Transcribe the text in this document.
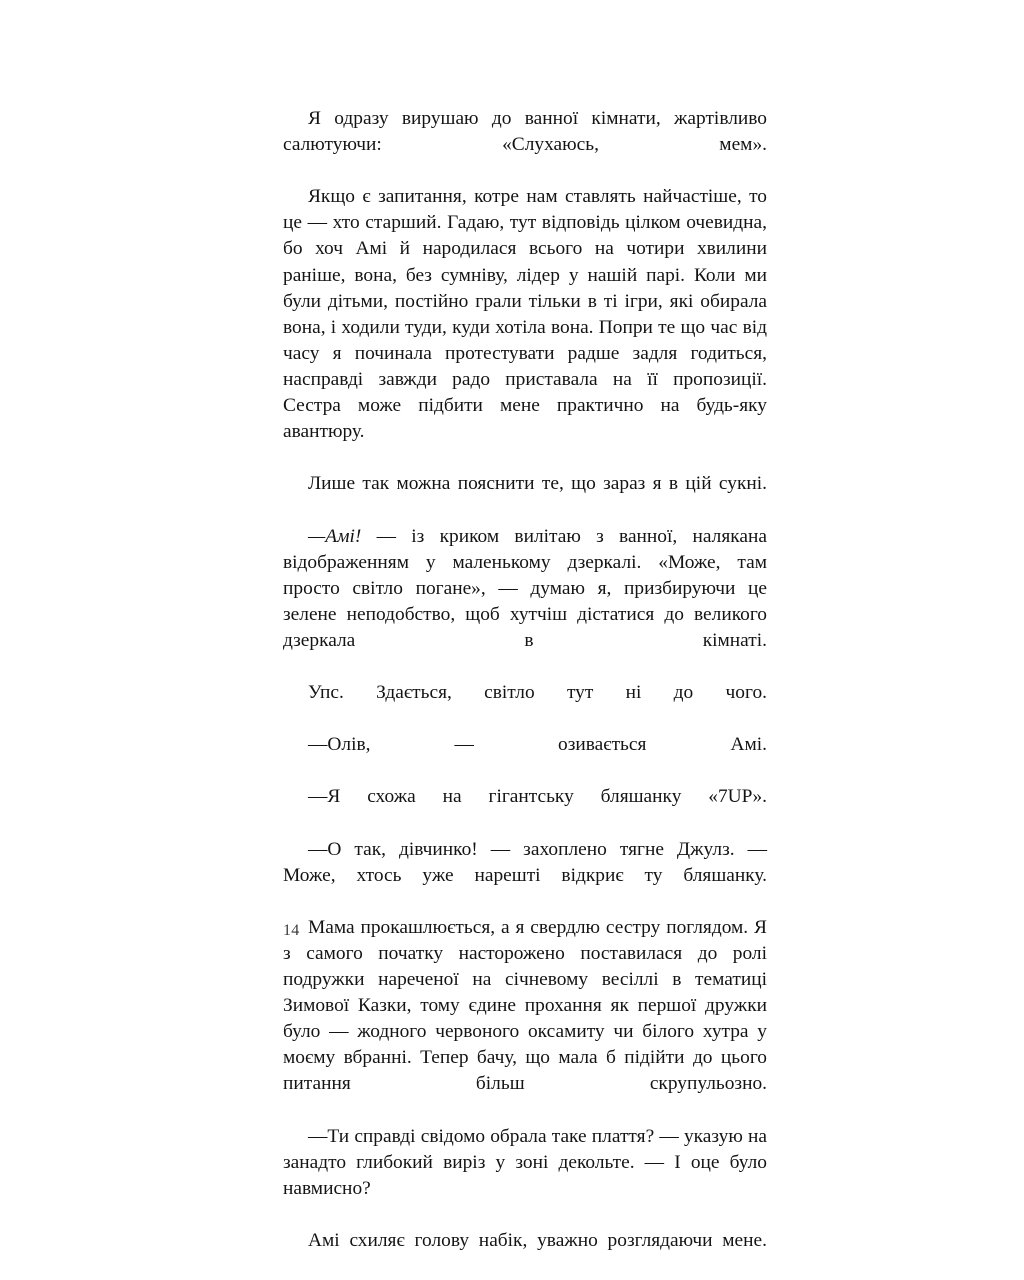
Я одразу вирушаю до ванної кімнати, жартівливо салютуючи: «Слухаюсь, мем».

Якщо є запитання, котре нам ставлять найчастіше, то це — хто старший. Гадаю, тут відповідь цілком очевидна, бо хоч Амі й народилася всього на чотири хвилини раніше, вона, без сумніву, лідер у нашій парі. Коли ми були дітьми, постійно грали тільки в ті ігри, які обирала вона, і ходили туди, куди хотіла вона. Попри те що час від часу я починала протестувати радше задля годиться, насправді завжди радо приставала на її пропозиції. Сестра може підбити мене практично на будь-яку авантюру.

Лише так можна пояснити те, що зараз я в цій сукні.

—Амі! — із криком вилітаю з ванної, налякана відображенням у маленькому дзеркалі. «Може, там просто світло погане», — думаю я, призбируючи це зелене неподобство, щоб хутчіш дістатися до великого дзеркала в кімнаті.

Упс. Здається, світло тут ні до чого.

—Олів, — озивається Амі.

—Я схожа на гігантську бляшанку «7UP».

—О так, дівчинко! — захоплено тягне Джулз. — Може, хтось уже нарешті відкриє ту бляшанку.

Мама прокашлюється, а я свердлю сестру поглядом. Я з самого початку насторожено поставилася до ролі подружки нареченої на січневому весіллі в тематиці Зимової Казки, тому єдине прохання як першої дружки було — жодного червоного оксамиту чи білого хутра у моєму вбранні. Тепер бачу, що мала б підійти до цього питання більш скрупульозно.

—Ти справді свідомо обрала таке плаття? — указую на занадто глибокий виріз у зоні декольте. — І оце було навмисно?

Амі схиляє голову набік, уважно розглядаючи мене.

14
